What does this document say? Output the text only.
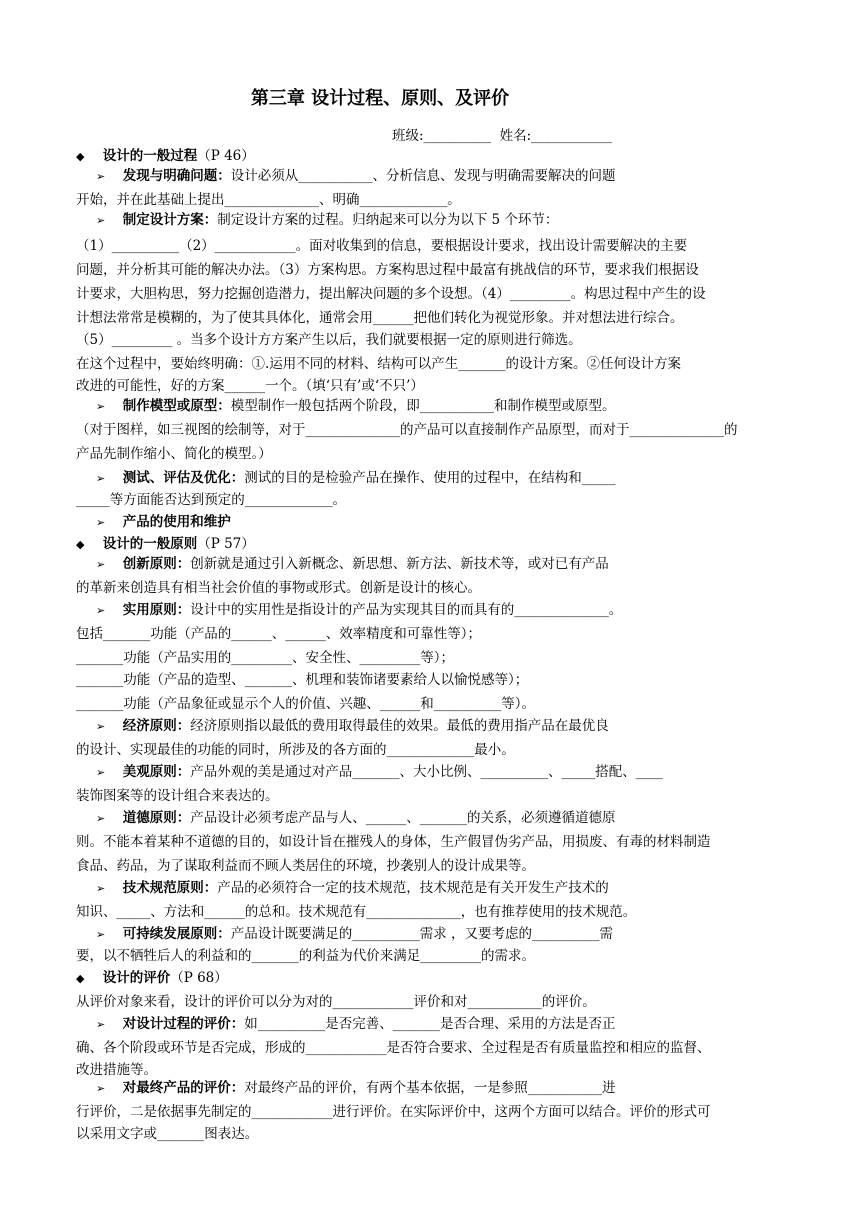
第三章 设计过程、原则、及评价
班级:__________  姓名:____________
◆ 设计的一般过程（P 46）
➢ 发现与明确问题：设计必须从___________、分析信息、发现与明确需要解决的问题
开始，并在此基础上提出______________、明确_____________。
➢ 制定设计方案：制定设计方案的过程。归纳起来可以分为以下 5 个环节：
（1）__________（2）____________。面对收集到的信息，要根据设计要求，找出设计需要解决的主要
问题，并分析其可能的解决办法。（3）方案构思。方案构思过程中最富有挑战信的环节，要求我们根据设
计要求，大胆构思，努力挖掘创造潜力，提出解决问题的多个设想。（4）_________。构思过程中产生的设
计想法常常是模糊的，为了使其具体化，通常会用______把他们转化为视觉形象。并对想法进行综合。
（5）_________ 。当多个设计方方案产生以后，我们就要根据一定的原则进行筛选。
在这个过程中，要始终明确：①.运用不同的材料、结构可以产生_______的设计方案。②任何设计方案
改进的可能性，好的方案______一个。（填‘只有’或‘不只’）
➢ 制作模型或原型：模型制作一般包括两个阶段，即___________和制作模型或原型。
（对于图样，如三视图的绘制等，对于______________的产品可以直接制作产品原型，而对于______________的
产品先制作缩小、简化的模型。）
➢ 测试、评估及优化：测试的目的是检验产品在操作、使用的过程中，在结构和_____
_____等方面能否达到预定的_____________。
➢ 产品的使用和维护
◆ 设计的一般原则（P 57）
➢ 创新原则：创新就是通过引入新概念、新思想、新方法、新技术等，或对已有产品
的革新来创造具有相当社会价值的事物或形式。创新是设计的核心。
➢ 实用原则：设计中的实用性是指设计的产品为实现其目的而具有的______________。
包括_______功能（产品的______、______、效率精度和可靠性等）；
_______功能（产品实用的_________、安全性、_________等）；
_______功能（产品的造型、_______、机理和装饰诸要素给人以愉悦感等）；
_______功能（产品象征或显示个人的价值、兴趣、______和__________等）。
➢ 经济原则：经济原则指以最低的费用取得最佳的效果。最低的费用指产品在最优良
的设计、实现最佳的功能的同时，所涉及的各方面的_____________最小。
➢ 美观原则：产品外观的美是通过对产品_______、大小比例、__________、_____搭配、____
装饰图案等的设计组合来表达的。
➢ 道德原则：产品设计必须考虑产品与人、______、_______的关系，必须遵循道德原
则。不能本着某种不道德的目的，如设计旨在摧残人的身体，生产假冒伪劣产品，用损废、有毒的材料制造
食品、药品，为了谋取利益而不顾人类居住的环境，抄袭别人的设计成果等。
➢ 技术规范原则：产品的必须符合一定的技术规范，技术规范是有关开发生产技术的
知识、_____、方法和______的总和。技术规范有______________，也有推荐使用的技术规范。
➢ 可持续发展原则：产品设计既要满足的__________需求 ，又要考虑的__________需
要，以不牺牲后人的利益和的_______的利益为代价来满足_________的需求。
◆ 设计的评价（P 68）
从评价对象来看，设计的评价可以分为对的____________评价和对___________的评价。
➢ 对设计过程的评价：如__________是否完善、_______是否合理、采用的方法是否正
确、各个阶段或环节是否完成，形成的____________是否符合要求、全过程是否有质量监控和相应的监督、
改进措施等。
➢ 对最终产品的评价：对最终产品的评价，有两个基本依据，一是参照___________进
行评价，二是依据事先制定的____________进行评价。在实际评价中，这两个方面可以结合。评价的形式可
以采用文字或_______图表达。
